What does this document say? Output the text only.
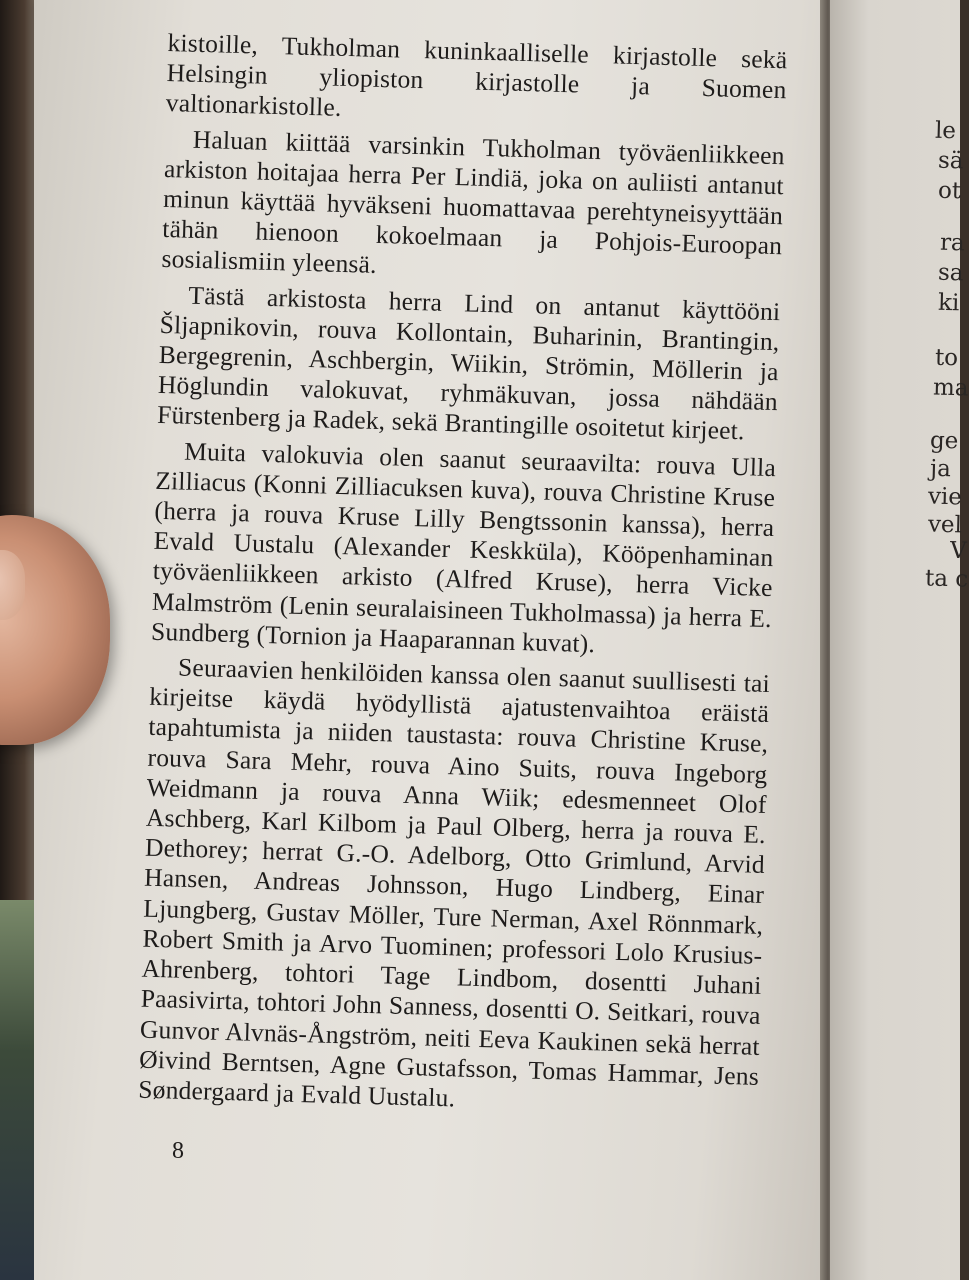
le
sä
ot
ra
sa
ki
to
ma
ge
ja
vie
vel
V
ta c

kistoille, Tukholman kuninkaalliselle kirjastolle sekä Helsingin yliopiston kirjastolle ja Suomen valtionarkistolle.

Haluan kiittää varsinkin Tukholman työväenliikkeen arkiston hoitajaa herra Per Lindiä, joka on auliisti antanut minun käyttää hyväkseni huomattavaa perehtyneisyyttään tähän hienoon kokoelmaan ja Pohjois-Euroopan sosialismiin yleensä.

Tästä arkistosta herra Lind on antanut käyttööni Šljapnikovin, rouva Kollontain, Buharinin, Brantingin, Bergegrenin, Aschbergin, Wiikin, Strömin, Möllerin ja Höglundin valokuvat, ryhmäkuvan, jossa nähdään Fürstenberg ja Radek, sekä Brantingille osoitetut kirjeet.

Muita valokuvia olen saanut seuraavilta: rouva Ulla Zilliacus (Konni Zilliacuksen kuva), rouva Christine Kruse (herra ja rouva Kruse Lilly Bengtssonin kanssa), herra Evald Uustalu (Alexander Keskküla), Kööpenhaminan työväenliikkeen arkisto (Alfred Kruse), herra Vicke Malmström (Lenin seuralaisineen Tukholmassa) ja herra E. Sundberg (Tornion ja Haaparannan kuvat).

Seuraavien henkilöiden kanssa olen saanut suullisesti tai kirjeitse käydä hyödyllistä ajatustenvaihtoa eräistä tapahtumista ja niiden taustasta: rouva Christine Kruse, rouva Sara Mehr, rouva Aino Suits, rouva Ingeborg Weidmann ja rouva Anna Wiik; edesmenneet Olof Aschberg, Karl Kilbom ja Paul Olberg, herra ja rouva E. Dethorey; herrat G.-O. Adelborg, Otto Grimlund, Arvid Hansen, Andreas Johnsson, Hugo Lindberg, Einar Ljungberg, Gustav Möller, Ture Nerman, Axel Rönnmark, Robert Smith ja Arvo Tuominen; professori Lolo Krusius-Ahrenberg, tohtori Tage Lindbom, dosentti Juhani Paasivirta, tohtori John Sanness, dosentti O. Seitkari, rouva Gunvor Alvnäs-Ångström, neiti Eeva Kaukinen sekä herrat Øivind Berntsen, Agne Gustafsson, Tomas Hammar, Jens Søndergaard ja Evald Uustalu.

8
